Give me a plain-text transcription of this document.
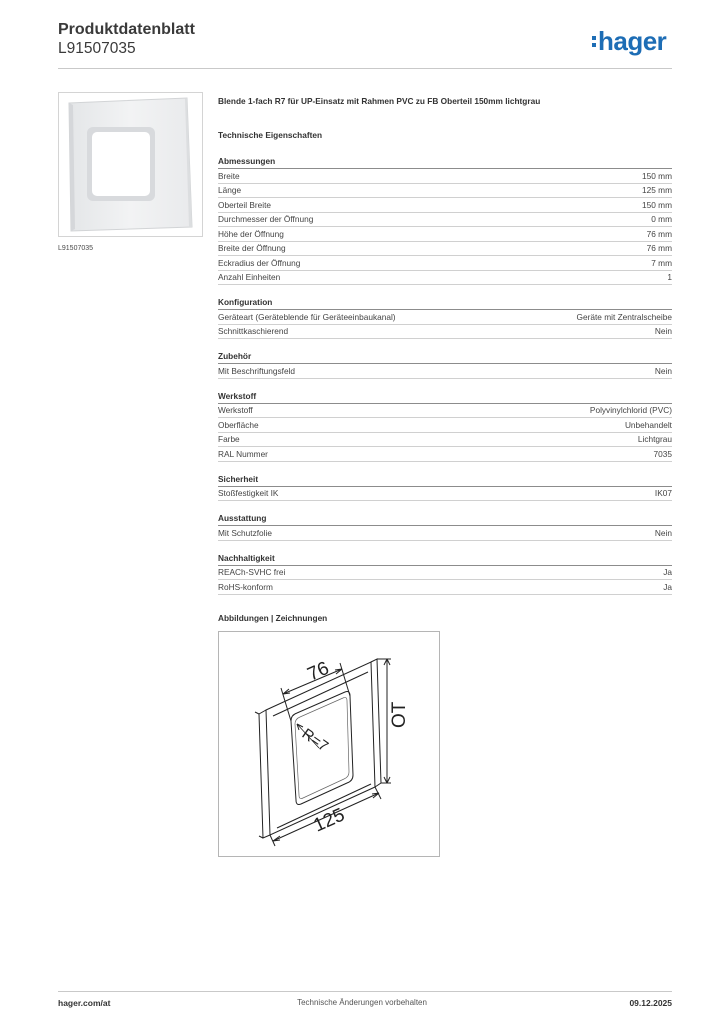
Produktdatenblatt
L91507035	hager
L91507035
Blende 1-fach R7 für UP-Einsatz mit Rahmen PVC zu FB Oberteil 150mm lichtgrau
Technische Eigenschaften
Abmessungen
Breite	150 mm
Länge	125 mm
Oberteil Breite	150 mm
Durchmesser der Öffnung	0 mm
Höhe der Öffnung	76 mm
Breite der Öffnung	76 mm
Eckradius der Öffnung	7 mm
Anzahl Einheiten	1
Konfiguration
Geräteart (Geräteblende für Geräteeinbaukanal)	Geräte mit Zentralscheibe
Schnittkaschierend	Nein
Zubehör
Mit Beschriftungsfeld	Nein
Werkstoff
Werkstoff	Polyvinylchlorid (PVC)
Oberfläche	Unbehandelt
Farbe	Lichtgrau
RAL Nummer	7035
Sicherheit
Stoßfestigkeit IK	IK07
Ausstattung
Mit Schutzfolie	Nein
Nachhaltigkeit
REACh-SVHC frei	Ja
RoHS-konform	Ja
Abbildungen | Zeichnungen
76
R=7
125
OT
hager.com/at	Technische Änderungen vorbehalten	09.12.2025
